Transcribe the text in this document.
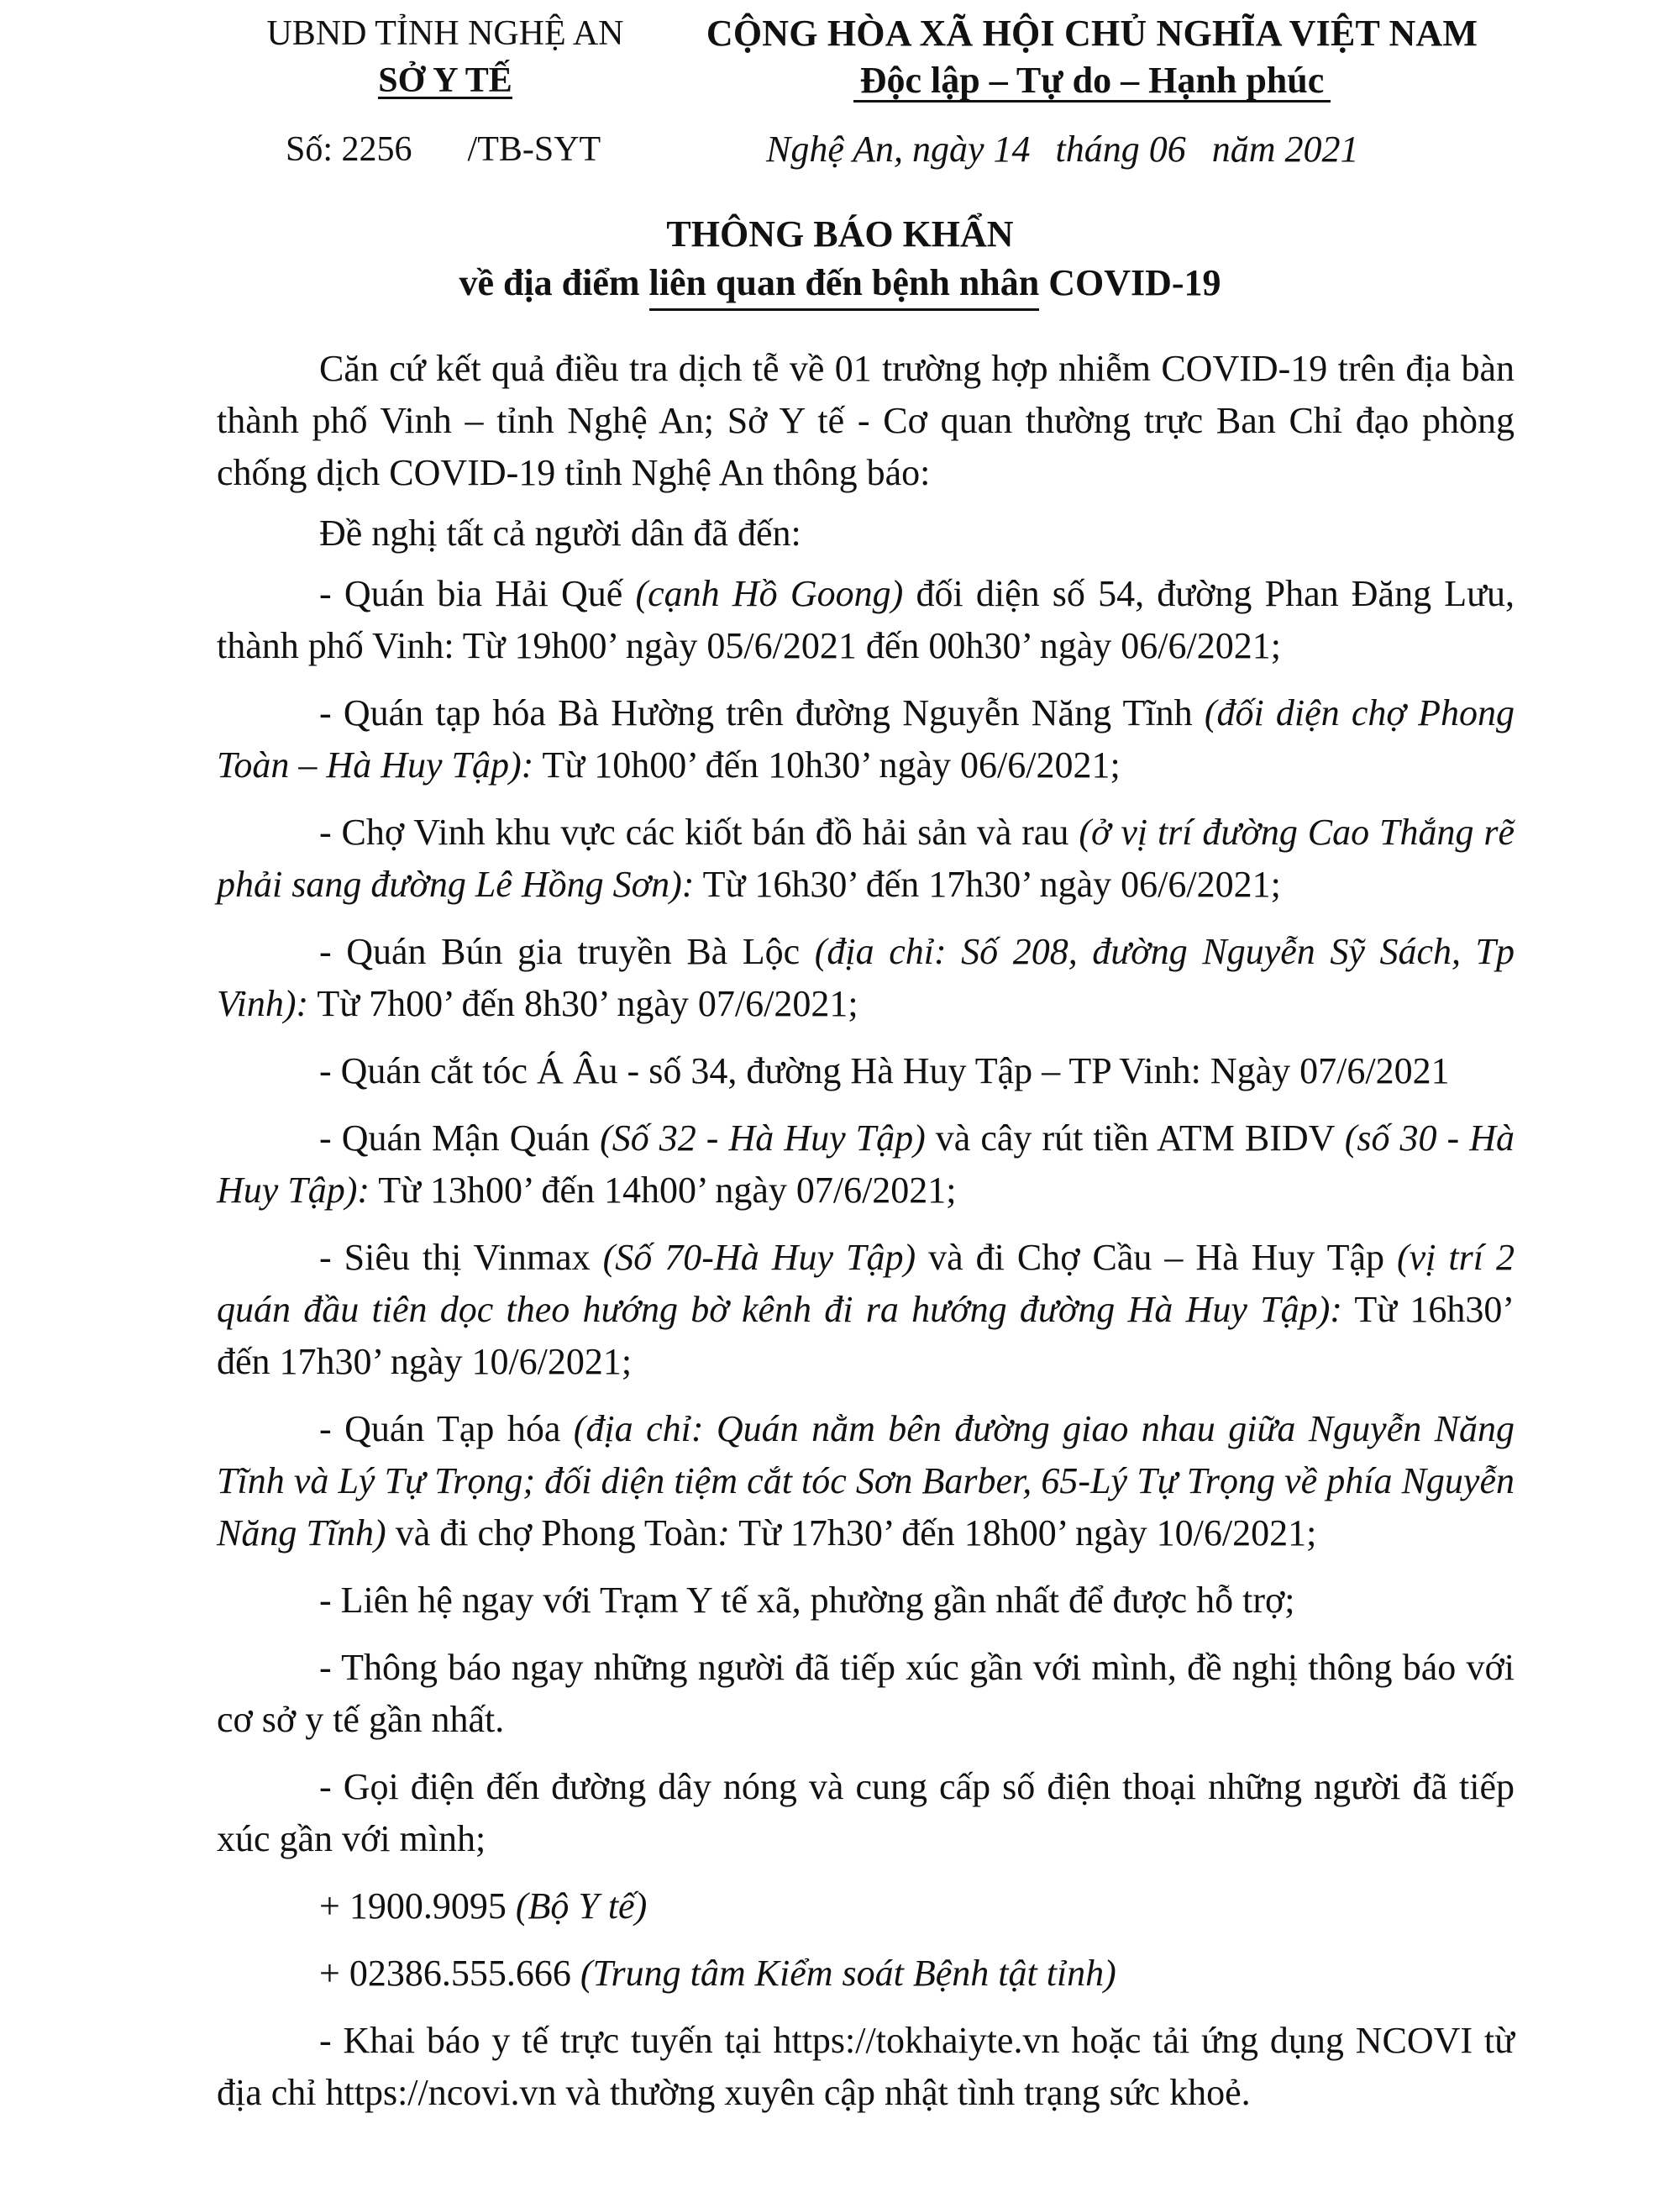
UBND TỈNH NGHỆ AN
SỞ Y TẾ
Số: 2256 /TB-SYT
CỘNG HÒA XÃ HỘI CHỦ NGHĨA VIỆT NAM
Độc lập – Tự do – Hạnh phúc
Nghệ An, ngày 14 tháng 06 năm 2021
THÔNG BÁO KHẨN
về địa điểm liên quan đến bệnh nhân COVID-19

Căn cứ kết quả điều tra dịch tễ về 01 trường hợp nhiễm COVID-19 trên địa bàn thành phố Vinh – tỉnh Nghệ An; Sở Y tế - Cơ quan thường trực Ban Chỉ đạo phòng chống dịch COVID-19 tỉnh Nghệ An thông báo:

Đề nghị tất cả người dân đã đến:

- Quán bia Hải Quế (cạnh Hồ Goong) đối diện số 54, đường Phan Đăng Lưu, thành phố Vinh: Từ 19h00’ ngày 05/6/2021 đến 00h30’ ngày 06/6/2021;

- Quán tạp hóa Bà Hường trên đường Nguyễn Năng Tĩnh (đối diện chợ Phong Toàn – Hà Huy Tập): Từ 10h00’ đến 10h30’ ngày 06/6/2021;

- Chợ Vinh khu vực các kiốt bán đồ hải sản và rau (ở vị trí đường Cao Thắng rẽ phải sang đường Lê Hồng Sơn): Từ 16h30’ đến 17h30’ ngày 06/6/2021;

- Quán Bún gia truyền Bà Lộc (địa chỉ: Số 208, đường Nguyễn Sỹ Sách, Tp Vinh): Từ 7h00’ đến 8h30’ ngày 07/6/2021;

- Quán cắt tóc Á Âu - số 34, đường Hà Huy Tập – TP Vinh: Ngày 07/6/2021

- Quán Mận Quán (Số 32 - Hà Huy Tập) và cây rút tiền ATM BIDV (số 30 - Hà Huy Tập): Từ 13h00’ đến 14h00’ ngày 07/6/2021;

- Siêu thị Vinmax (Số 70-Hà Huy Tập) và đi Chợ Cầu – Hà Huy Tập (vị trí 2 quán đầu tiên dọc theo hướng bờ kênh đi ra hướng đường Hà Huy Tập): Từ 16h30’ đến 17h30’ ngày 10/6/2021;

- Quán Tạp hóa (địa chỉ: Quán nằm bên đường giao nhau giữa Nguyễn Năng Tĩnh và Lý Tự Trọng; đối diện tiệm cắt tóc Sơn Barber, 65-Lý Tự Trọng về phía Nguyễn Năng Tĩnh) và đi chợ Phong Toàn: Từ 17h30’ đến 18h00’ ngày 10/6/2021;

- Liên hệ ngay với Trạm Y tế xã, phường gần nhất để được hỗ trợ;

- Thông báo ngay những người đã tiếp xúc gần với mình, đề nghị thông báo với cơ sở y tế gần nhất.

- Gọi điện đến đường dây nóng và cung cấp số điện thoại những người đã tiếp xúc gần với mình;

+ 1900.9095 (Bộ Y tế)

+ 02386.555.666 (Trung tâm Kiểm soát Bệnh tật tỉnh)

- Khai báo y tế trực tuyến tại https://tokhaiyte.vn hoặc tải ứng dụng NCOVI từ địa chỉ https://ncovi.vn và thường xuyên cập nhật tình trạng sức khoẻ.
